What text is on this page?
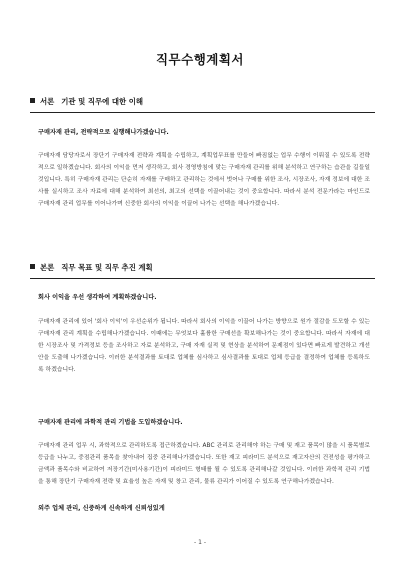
직무수행계획서
서론 기관 및 직무에 대한 이해
구매자재 관리, 전략적으로 실행해나가겠습니다.

구매자재 담당자로서 장단기 구매자재 전략과 계획을 수립하고, 계획업무표를 만들어 빠짐없는 업무 수행이 이뤄질 수 있도록 전략적으로 일하겠습니다. 회사의 이익을 먼저 생각하고, 회사 경영방침에 맞는 구매자재 관리를 위해 분석하고 연구하는 습관을 길들일 것입니다. 특히 구매자재 관리는 단순히 자재를 구매하고 관리하는 것에서 벗어나 구매를 위한 조사, 시장조사, 자재 정보에 대한 조사를 실시하고 조사 자료에 대해 분석하여 최선의, 최고의 선택을 이끌어내는 것이 중요합니다. 따라서 분석 전문가라는 마인드로 구매자재 관리 업무를 이어나가며 신중한 회사의 이익을 이끌어 나가는 선택을 해나가겠습니다.

본론 직무 목표 및 직무 추진 계획
회사 이익을 우선 생각하여 계획하겠습니다.

구매자재 관리에 있어 '회사 이익'이 우선순위가 됩니다. 따라서 회사의 이익을 이끌어 나가는 방향으로 원가 절감을 도모할 수 있는 구매자재 관리 계획을 수립해나가겠습니다. 이때에는 무엇보다 훌륭한 구매선을 확보해나가는 것이 중요합니다. 따라서 자재에 대한 시장조사 및 가격정보 등을 조사하고 자료 분석하고, 구매 자재 실적 및 현상을 분석하여 문제점이 있다면 빠르게 발견하고 개선안을 도출해 나가겠습니다. 이러한 분석결과를 토대로 업체를 심사하고 심사결과를 토대로 업체 등급을 결정하여 업체를 등록하도록 하겠습니다.

구매자재 관리에 과학적 관리 기법을 도입하겠습니다.

구매자재 관리 업무 시, 과학적으로 관리하도록 접근하겠습니다. ABC 관리로 관리해야 하는 구매 및 재고 품목이 많을 시 품목별로 등급을 나누고, 중점관리 품목을 찾아내어 집중 관리해나가겠습니다. 또한 재고 피라미드 분석으로 재고자산의 건전성을 평가하고 금액과 품목수와 비교하여 저장기간(미사용기간)이 피라미드 형태를 될 수 있도록 관리해나갈 것입니다. 이러한 과학적 관리 기법을 통해 장단기 구매자재 전략 및 효율성 높은 자재 및 창고 관리, 물류 관리가 이어질 수 있도록 연구해나가겠습니다.

외주 업체 관리, 신중하게 신속하게 신뢰성있게
- 1 -
